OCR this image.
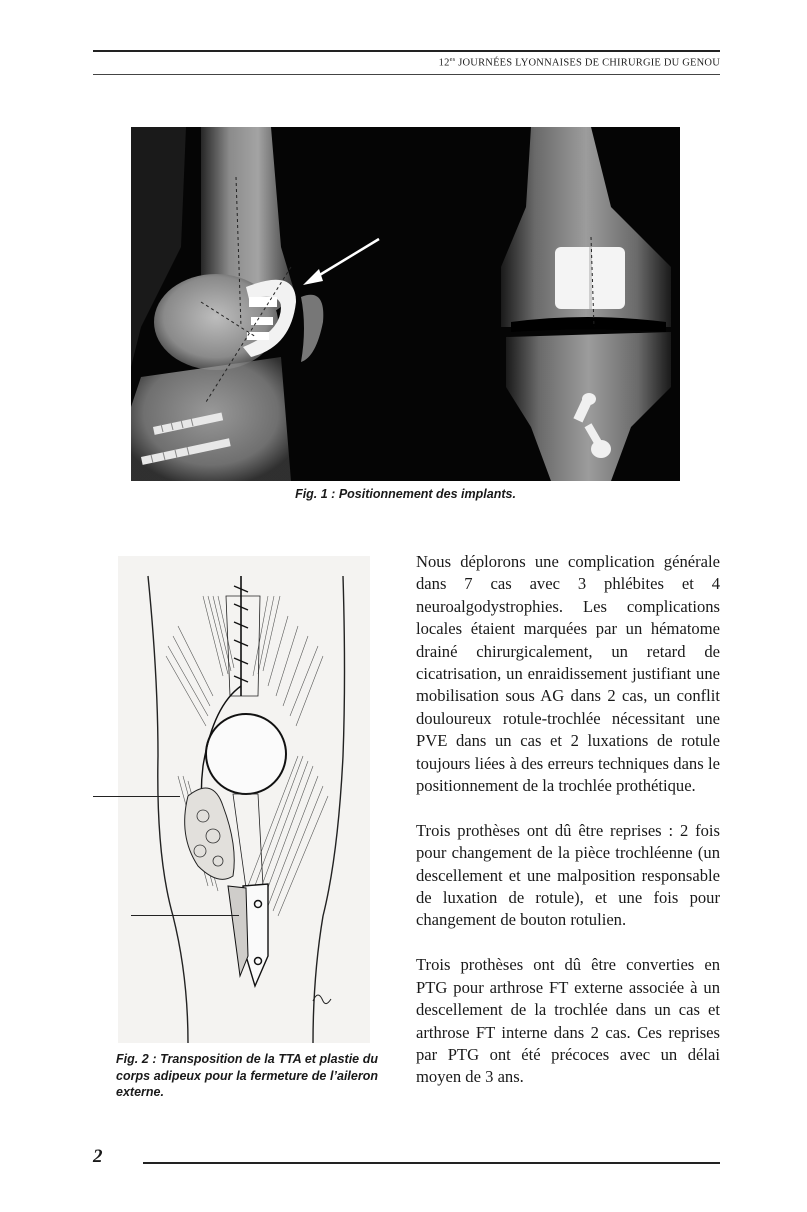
$12^{es}$ JOURNÉES LYONNAISES DE CHIRURGIE DU GENOU
Fig. 1 : Positionnement des implants.
Fig. 2 : Transposition de la TTA et plastie du corps adipeux pour la fermeture de l’aileron externe.

Nous déplorons une complication générale dans 7 cas avec 3 phlébites et 4 neuroalgodystrophies. Les complications locales étaient marquées par un hématome drainé chirurgicalement, un retard de cicatrisation, un enraidissement justifiant une mobilisation sous AG dans 2 cas, un conflit douloureux rotule-trochlée nécessitant une PVE dans un cas et 2 luxations de rotule toujours liées à des erreurs techniques dans le positionnement de la trochlée prothétique.

Trois prothèses ont dû être reprises : 2 fois pour changement de la pièce trochléenne (un descellement et une malposition responsable de luxation de rotule), et une fois pour changement de bouton rotulien.

Trois prothèses ont dû être converties en PTG pour arthrose FT externe associée à un descellement de la trochlée dans un cas et arthrose FT interne dans 2 cas. Ces reprises par PTG ont été précoces avec un délai moyen de 3 ans.

2
